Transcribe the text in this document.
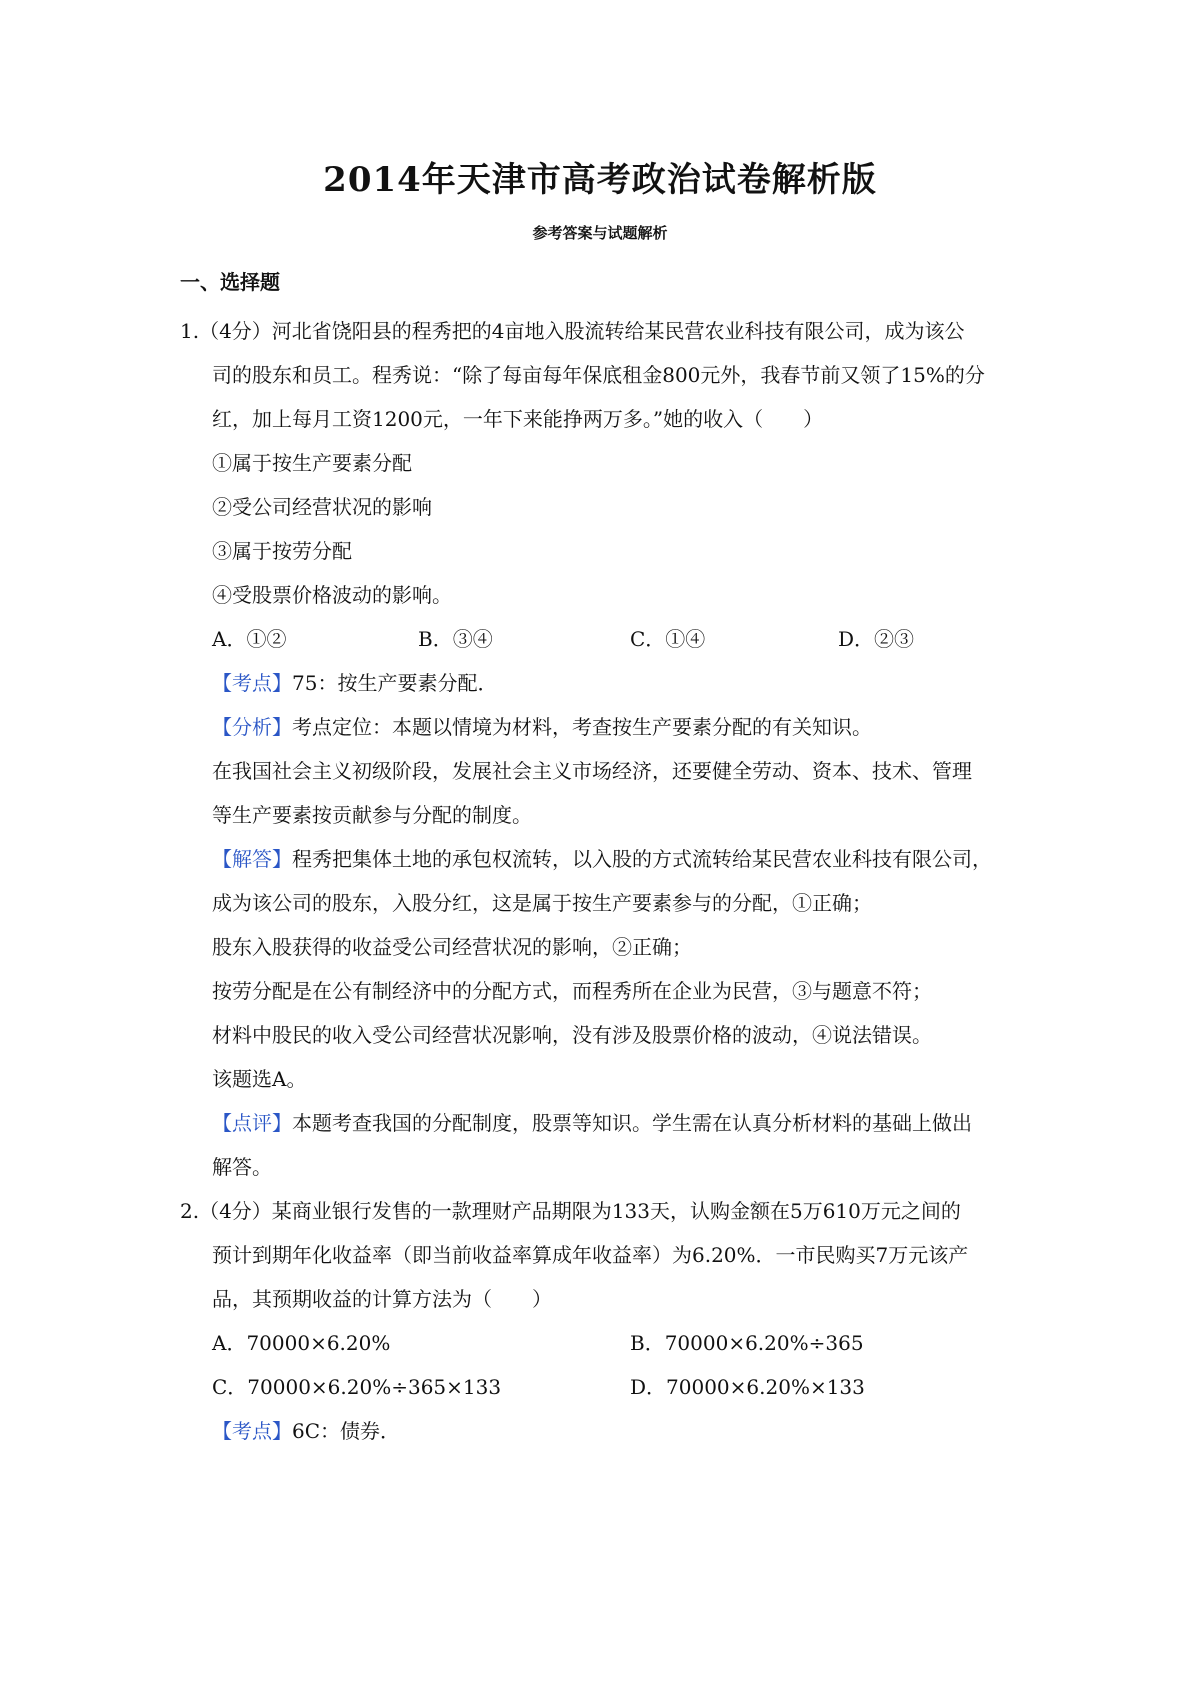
2014年天津市高考政治试卷解析版
参考答案与试题解析
一、选择题
1.（4分）河北省饶阳县的程秀把的4亩地入股流转给某民营农业科技有限公司，成为该公
司的股东和员工。程秀说：“除了每亩每年保底租金800元外，我春节前又领了15%的分
红，加上每月工资1200元，一年下来能挣两万多。”她的收入（　　）
①属于按生产要素分配
②受公司经营状况的影响
③属于按劳分配
④受股票价格波动的影响。
A．①②	B．③④	C．①④	D．②③
【考点】75：按生产要素分配．
【分析】考点定位：本题以情境为材料，考查按生产要素分配的有关知识。
在我国社会主义初级阶段，发展社会主义市场经济，还要健全劳动、资本、技术、管理
等生产要素按贡献参与分配的制度。
【解答】程秀把集体土地的承包权流转，以入股的方式流转给某民营农业科技有限公司，
成为该公司的股东，入股分红，这是属于按生产要素参与的分配，①正确；
股东入股获得的收益受公司经营状况的影响，②正确；
按劳分配是在公有制经济中的分配方式，而程秀所在企业为民营，③与题意不符；
材料中股民的收入受公司经营状况影响，没有涉及股票价格的波动，④说法错误。
该题选A。
【点评】本题考查我国的分配制度，股票等知识。学生需在认真分析材料的基础上做出
解答。
2.（4分）某商业银行发售的一款理财产品期限为133天，认购金额在5万610万元之间的
预计到期年化收益率（即当前收益率算成年收益率）为6.20%．一市民购买7万元该产
品，其预期收益的计算方法为（　　）
A．70000×6.20%	B．70000×6.20%÷365
C．70000×6.20%÷365×133	D．70000×6.20%×133
【考点】6C：债券．
